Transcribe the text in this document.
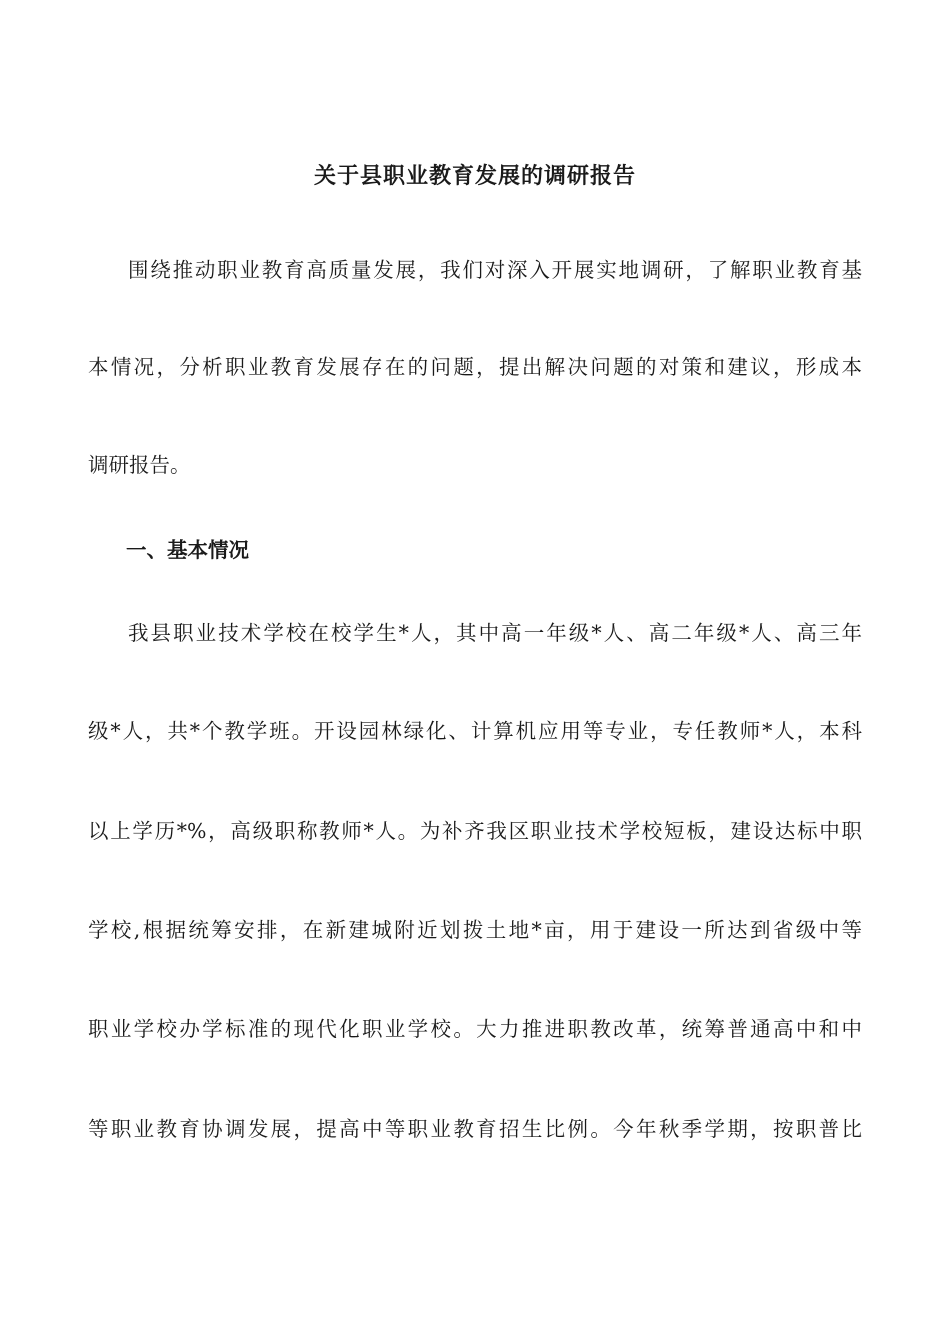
关于县职业教育发展的调研报告

围绕推动职业教育高质量发展，我们对深入开展实地调研，了解职业教育基

本情况，分析职业教育发展存在的问题，提出解决问题的对策和建议，形成本

调研报告。

一、基本情况

我县职业技术学校在校学生*人，其中高一年级*人、高二年级*人、高三年

级*人，共*个教学班。开设园林绿化、计算机应用等专业，专任教师*人，本科

以上学历*%，高级职称教师*人。为补齐我区职业技术学校短板，建设达标中职

学校,根据统筹安排，在新建城附近划拨土地*亩，用于建设一所达到省级中等

职业学校办学标准的现代化职业学校。大力推进职教改革，统筹普通高中和中

等职业教育协调发展，提高中等职业教育招生比例。今年秋季学期，按职普比
